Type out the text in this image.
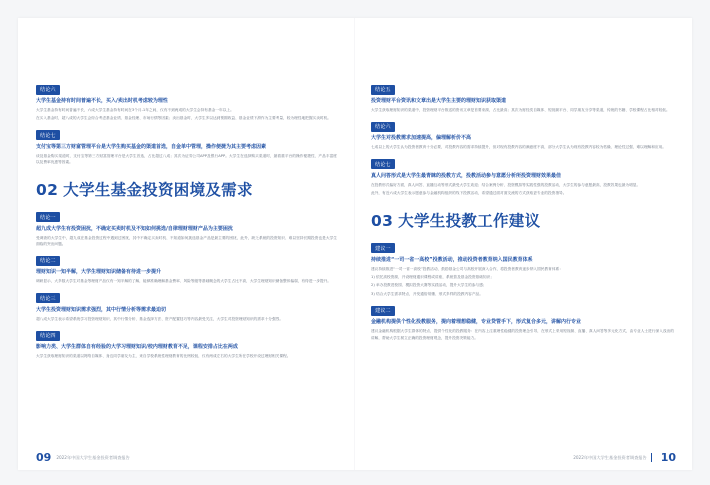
结论六
大学生基金持有时间普遍不长，买入/卖出时机考虑较为理性

大学生基金持有时间普遍不长，六成大学生基金持有时间在3个月-1年之间，仅有不到两成的大学生会持有基金一年以上。

在买入基金时，超八成的大学生会综合考虑基金业绩、基金经理、市场行情等因素；卖出基金时，大学生多以达到预期收益、基金业绩下滑作为主要考量，较为理性地把握买卖时机。

结论七
支付宝等第三方财富管理平台是大学生购买基金的渠道首选，自金单中管理，操作便捷为其主要考虑因素

谈及基金购买渠道时，支付宝等第三方财富管理平台是大学生首选，占比超过八成；其次为证券公司APP及银行APP。大学生在选择购买渠道时，最看重平台的操作便捷性、产品丰富度以及费率优惠等因素。

02 大学生基金投资困境及需求
结论一
超九成大学生有投资困扰，不确定买卖时机及不知如何挑选/自律理财理财产品为主要困扰

受调查的大学生中，超九成在基金投资过程中遇到过困扰，其中不确定买卖时机、不知道如何挑选基金产品是最主要的困扰，此外，缺乏系统的投资知识、难以坚持长期投资也是大学生面临的突出问题。

结论二
理财知识一知半解，大学生理财知识储备有待进一步提升

调研显示，大多数大学生对基金等理财产品仅有一知半解的了解，能够准确理解基金费率、风险等级等基础概念的大学生占比不高，大学生理财知识储备整体偏弱，有待进一步提升。

结论三
大学生投资理财知识需求强烈，其中行情分析等需求最迫切

超八成大学生表示希望系统学习投资理财知识，其中行情分析、基金选择方法、资产配置技巧等内容最受关注，大学生对投资理财知识的需求十分强烈。

结论四
影响力类、大学生群体自有经验的大学习理财知识/校内理财教育不足，课程安排占比在两成

大学生获取理财知识的渠道以网络自媒体、身边同学朋友为主，来自学校系统性理财教育的比例较低，仅有两成左右的大学生所在学校开设过理财相关课程。

09 2022年中国大学生基金投资者调查报告
结论五
投资理财平台资讯和文章出是大学生主要的理财知识获取渠道

大学生获取理财知识的渠道中，投资理财平台推送的资讯文章是首要来源，占比最高；其次为财经类自媒体、短视频平台、同学朋友分享等渠道，传统的书籍、学校课程占比相对较低。

结论六
大学生对投教需求加速提高，偏理解析价不高

七成以上的大学生认为投资者教育十分必要，对投教内容的需求持续提升，但对现有投教内容的满意度不高，部分大学生认为现有投教内容较为枯燥、理论性过强，难以理解和应用。

结论七
真人问答形式是大学生最青睐的投教方式，投教活动参与意愿分析所投资理财效果最佳

在投教形式偏好方面，真人问答、直播互动等形式最受大学生欢迎；结合案例分析、投资模拟等实践性强的投教活动，大学生的参与意愿最高，投教效果也最为明显。

此外，有近六成大学生表示愿意参与金融机构组织的线下投教活动，希望通过面对面交流的方式获取更专业的投资指导。

03 大学生投教工作建议
建议一
持续推进“一司一省一高校”投教活动，推动投资者教育纳入国民教育体系

建议持续推进“一司一省一高校”投教活动，鼓励基金公司与高校开展深入合作，将投资者教育逐步纳入国民教育体系：

1) 依托高校资源，开设理财通识课程或讲座，系统普及基金投资基础知识；

2) 举办投教进校园、模拟投资大赛等实践活动，提升大学生的参与感；

3) 结合大学生需求特点，开发通俗易懂、形式多样的投教内容产品。

建议二
金融机构提供个性化投教服务，提向着理想稳健，专业贷管手下，形式复合多元，讲解内行专业

建议金融机构根据大学生群体的特点，提供个性化的投教服务：在内容上注重理性稳健的投资理念引导，在形式上采用短视频、直播、真人问答等多元化方式，由专业人士进行深入浅出的讲解，帮助大学生树立正确的投资理财观念，提升投资决策能力。

2022年中国大学生基金投资者调查报告 10
